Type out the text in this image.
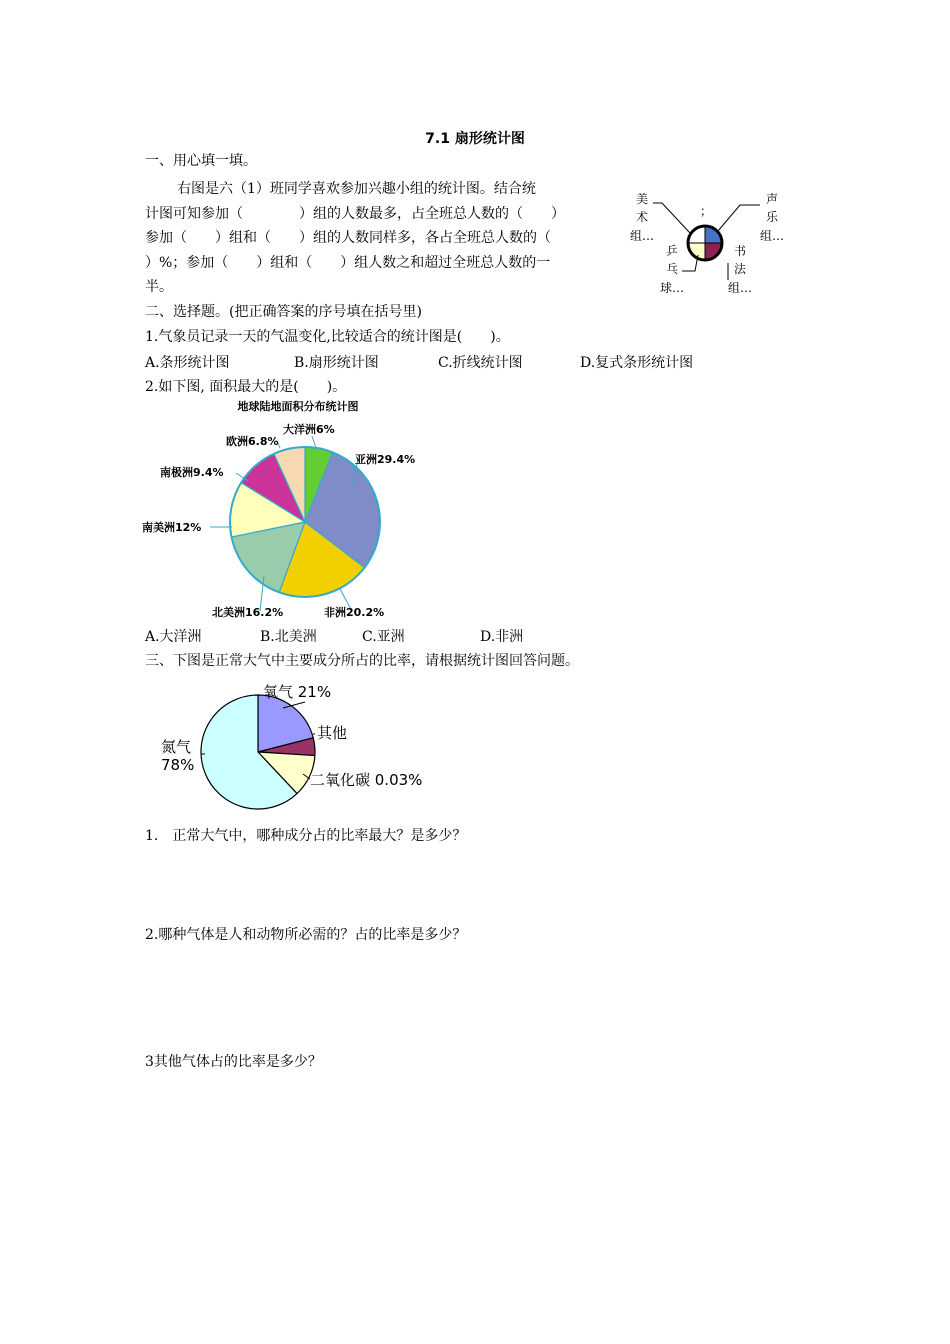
7.1 扇形统计图
一、用心填一填。
右图是六（1）班同学喜欢参加兴趣小组的统计图。结合统
计图可知参加（　　　　）组的人数最多，占全班总人数的（　　）
参加（　　）组和（　　）组的人数同样多，各占全班总人数的（　　
）%；参加（　　）组和（　　）组人数之和超过全班总人数的一
半。
美
术
组…
；
声
乐
组…
乒
乓
球…
书
法
组…
二、选择题。(把正确答案的序号填在括号里)
1.气象员记录一天的气温变化,比较适合的统计图是(　　)。
A.条形统计图	B.扇形统计图	C.折线统计图	D.复式条形统计图
2.如下图, 面积最大的是(　　)。
地球陆地面积分布统计图
大洋洲6%
亚洲29.4%
非洲20.2%
北美洲16.2%
南美洲12%
南极洲9.4%
欧洲6.8%
A.大洋洲	B.北美洲	C.亚洲	D.非洲
三、下图是正常大气中主要成分所占的比率，请根据统计图回答问题。
氧气 21%
其他
二氧化碳 0.03%
氮气
78%
1.　正常大气中，哪种成分占的比率最大？是多少？
2.哪种气体是人和动物所必需的？占的比率是多少？
3其他气体占的比率是多少？
